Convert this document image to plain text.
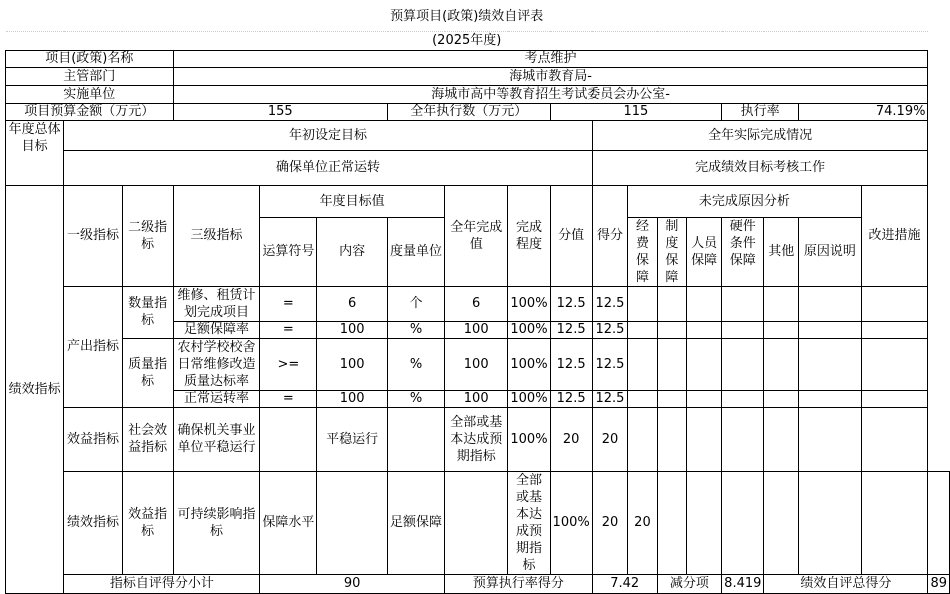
预算项目(政策)绩效自评表																		
(2025年度)																		
项目(政策)名称			考点维护															
主管部门			海城市教育局-															
实施单位			海城市高中等教育招生考试委员会办公室-															
项目预算金额（万元）			155			全年执行数（万元）			115					执行率		74.19%		
年度总体目标	年初设定目标									全年实际完成情况								
	确保单位正常运转									完成绩效目标考核工作								
绩效指标	一级指标	二级指标	三级指标	年度目标值			全年完成值	完成程度	分值	得分	未完成原因分析						改进措施	
				运算符号	内容	度量单位					经费保障	制度保障	人员保障	硬件条件保障	其他	原因说明		
	产出指标	数量指标	维修、租赁计划完成项目	=	6	个	6	100%	12.5	12.5								
			足额保障率	=	100	%	100	100%	12.5	12.5								
		质量指标	农村学校校舍日常维修改造质量达标率	>=	100	%	100	100%	12.5	12.5								
			正常运转率	=	100	%	100	100%	12.5	12.5								
	效益指标	社会效益指标	确保机关事业单位平稳运行		平稳运行		全部或基本达成预期指标	100%	20	20								
	绩效指标	效益指标	可持续影响指标	保障水平		足额保障		全部或基本达成预期指标	100%	20	20							
	指标自评得分小计			90			预算执行率得分			7.42		减分项		8.419	绩效自评总得分			89
